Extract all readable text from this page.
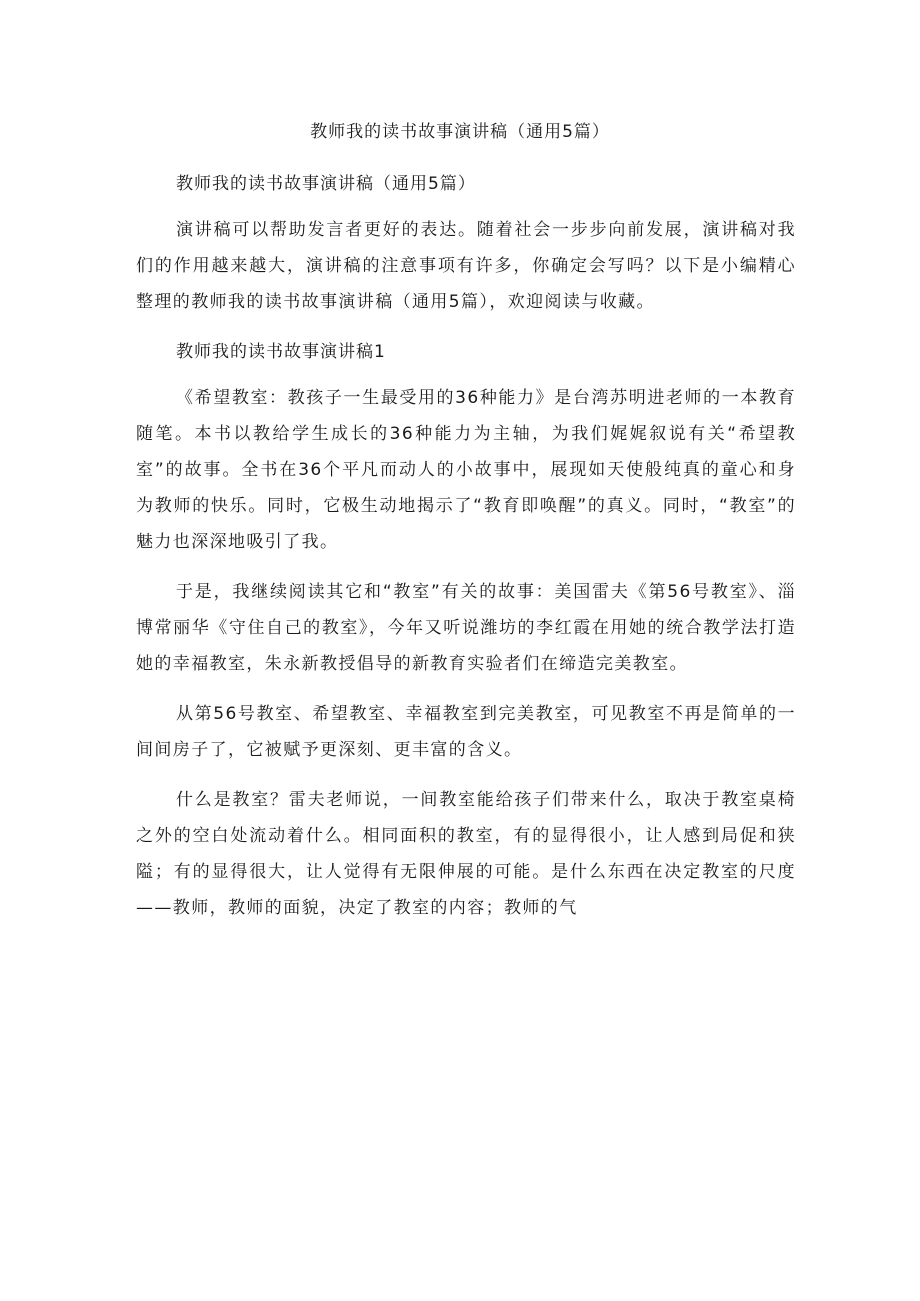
教师我的读书故事演讲稿（通用5篇）

教师我的读书故事演讲稿（通用5篇）

演讲稿可以帮助发言者更好的表达。随着社会一步步向前发展，演讲稿对我们的作用越来越大，演讲稿的注意事项有许多，你确定会写吗？以下是小编精心整理的教师我的读书故事演讲稿（通用5篇），欢迎阅读与收藏。

教师我的读书故事演讲稿1

《希望教室：教孩子一生最受用的36种能力》是台湾苏明进老师的一本教育随笔。本书以教给学生成长的36种能力为主轴，为我们娓娓叙说有关“希望教室”的故事。全书在36个平凡而动人的小故事中，展现如天使般纯真的童心和身为教师的快乐。同时，它极生动地揭示了“教育即唤醒”的真义。同时，“教室”的魅力也深深地吸引了我。

于是，我继续阅读其它和“教室”有关的故事：美国雷夫《第56号教室》、淄博常丽华《守住自己的教室》，今年又听说潍坊的李红霞在用她的统合教学法打造她的幸福教室，朱永新教授倡导的新教育实验者们在缔造完美教室。

从第56号教室、希望教室、幸福教室到完美教室，可见教室不再是简单的一间间房子了，它被赋予更深刻、更丰富的含义。

什么是教室？雷夫老师说，一间教室能给孩子们带来什么，取决于教室桌椅之外的空白处流动着什么。相同面积的教室，有的显得很小，让人感到局促和狭隘；有的显得很大，让人觉得有无限伸展的可能。是什么东西在决定教室的尺度——教师，教师的面貌，决定了教室的内容；教师的气
